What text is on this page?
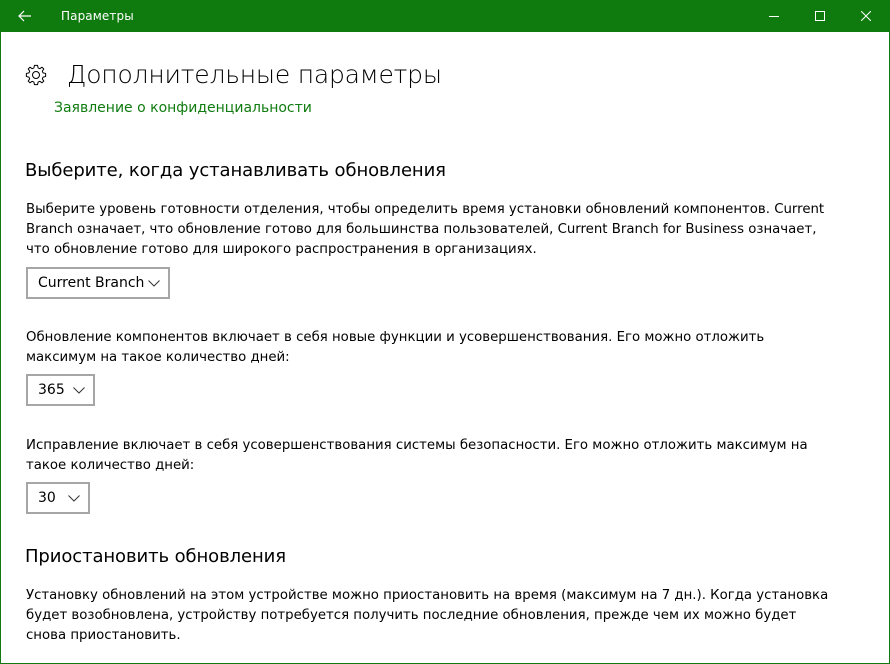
Параметры
Дополнительные параметры
Заявление о конфиденциальности
Выберите, когда устанавливать обновления

Выберите уровень готовности отделения, чтобы определить время установки обновлений компонентов. Current Branch означает, что обновление готово для большинства пользователей, Current Branch for Business означает, что обновление готово для широкого распространения в организациях.

Current Branch

Обновление компонентов включает в себя новые функции и усовершенствования. Его можно отложить максимум на такое количество дней:

365

Исправление включает в себя усовершенствования системы безопасности. Его можно отложить максимум на такое количество дней:

30
Приостановить обновления

Установку обновлений на этом устройстве можно приостановить на время (максимум на 7 дн.). Когда установка будет возобновлена, устройству потребуется получить последние обновления, прежде чем их можно будет снова приостановить.
